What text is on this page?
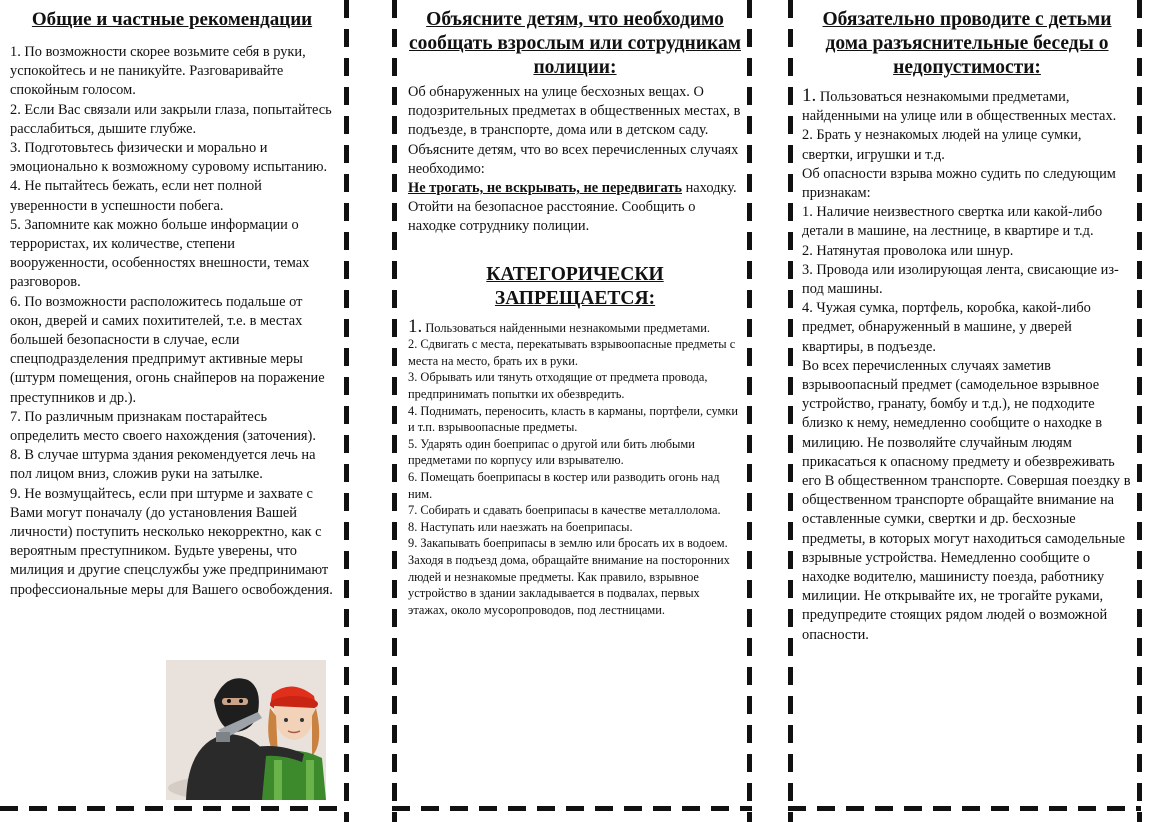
Общие и частные рекомендации

1. По возможности скорее возьмите себя в руки, успокойтесь и не паникуйте. Разговаривайте спокойным голосом.

2. Если Вас связали или закрыли глаза, попытайтесь расслабиться, дышите глубже.

3. Подготовьтесь физически и морально и эмоционально к возможному суровому испытанию.

4. Не пытайтесь бежать, если нет полной уверенности в успешности побега.

5. Запомните как можно больше информации о террористах, их количестве, степени вооруженности, особенностях внешности, темах разговоров.

6. По возможности расположитесь подальше от окон, дверей и самих похитителей, т.е. в местах большей безопасности в случае, если спецподразделения предпримут активные меры (штурм помещения, огонь снайперов на поражение преступников и др.).

7. По различным признакам постарайтесь определить место своего нахождения (заточения).

8. В случае штурма здания рекомендуется лечь на пол лицом вниз, сложив руки на затылке.

9. Не возмущайтесь, если при штурме и захвате с Вами могут поначалу (до установления Вашей личности) поступить несколько некорректно, как с вероятным преступником. Будьте уверены, что милиция и другие спецслужбы уже предпринимают профессиональные меры для Вашего освобождения.

Объясните детям, что необходимо сообщать взрослым или сотрудникам полиции:

Об обнаруженных на улице бесхозных вещах. О подозрительных предметах в общественных местах, в подъезде, в транспорте, дома или в детском саду.

Объясните детям, что во всех перечисленных случаях необходимо:

Не трогать, не вскрывать, не передвигать находку. Отойти на безопасное расстояние. Сообщить о находке сотруднику полиции.

КАТЕГОРИЧЕСКИ ЗАПРЕЩАЕТСЯ:

1. Пользоваться найденными незнакомыми предметами.

2. Сдвигать с места, перекатывать взрывоопасные предметы с места на место, брать их в руки.

3. Обрывать или тянуть отходящие от предмета провода, предпринимать попытки их обезвредить.

4. Поднимать, переносить, класть в карманы, портфели, сумки и т.п. взрывоопасные предметы.

5. Ударять один боеприпас о другой или бить любыми предметами по корпусу или взрывателю.

6. Помещать боеприпасы в костер или разводить огонь над ним.

7. Собирать и сдавать боеприпасы в качестве металлолома.

8. Наступать или наезжать на боеприпасы.

9. Закапывать боеприпасы в землю или бросать их в водоем.

Заходя в подъезд дома, обращайте внимание на посторонних людей и незнакомые предметы. Как правило, взрывное устройство в здании закладывается в подвалах, первых этажах, около мусоропроводов, под лестницами.

Обязательно проводите с детьми дома разъяснительные беседы о недопустимости:

1. Пользоваться незнакомыми предметами, найденными на улице или в общественных местах.

2. Брать у незнакомых людей на улице сумки, свертки, игрушки и т.д.

Об опасности взрыва можно судить по следующим признакам:

1. Наличие неизвестного свертка или какой-либо детали в машине, на лестнице, в квартире и т.д.

2. Натянутая проволока или шнур.

3. Провода или изолирующая лента, свисающие из-под машины.

4. Чужая сумка, портфель, коробка, какой-либо предмет, обнаруженный в машине, у дверей квартиры, в подъезде.

Во всех перечисленных случаях заметив взрывоопасный предмет (самодельное взрывное устройство, гранату, бомбу и т.д.), не подходите близко к нему, немедленно сообщите о находке в милицию. Не позволяйте случайным людям прикасаться к опасному предмету и обезвреживать его В общественном транспорте. Совершая поездку в общественном транспорте обращайте внимание на оставленные сумки, свертки и др. бесхозные предметы, в которых могут находиться самодельные взрывные устройства. Немедленно сообщите о находке водителю, машинисту поезда, работнику милиции. Не открывайте их, не трогайте руками, предупредите стоящих рядом людей о возможной опасности.
